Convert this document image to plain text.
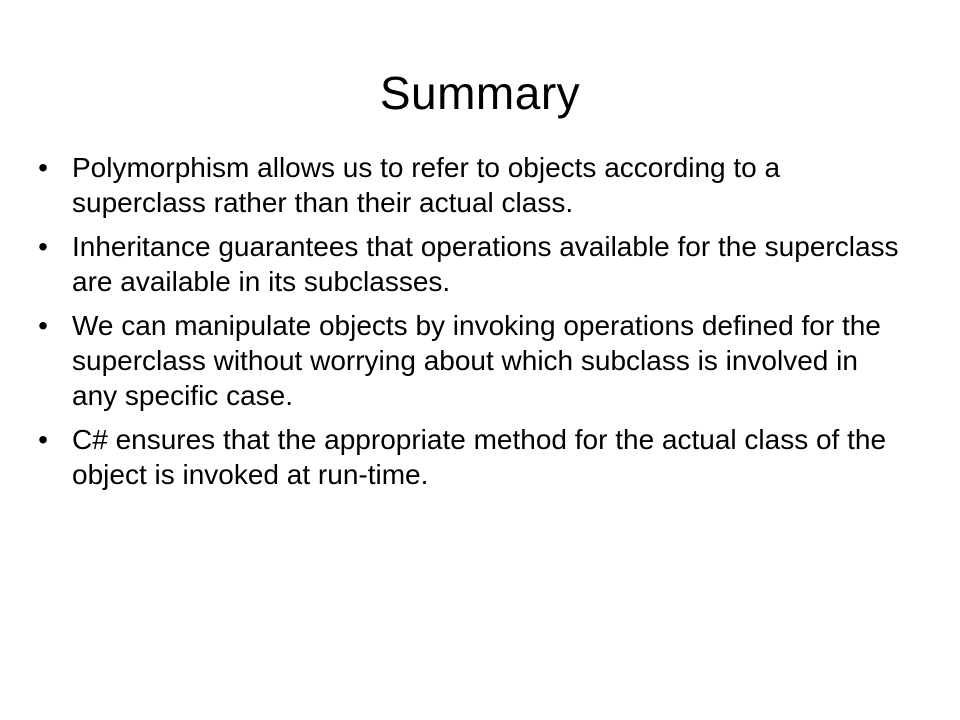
Summary
• Polymorphism allows us to refer to objects according to a superclass rather than their actual class.
• Inheritance guarantees that operations available for the superclass are available in its subclasses.
• We can manipulate objects by invoking operations defined for the superclass without worrying about which subclass is involved in any specific case.
• C# ensures that the appropriate method for the actual class of the object is invoked at run-time.
